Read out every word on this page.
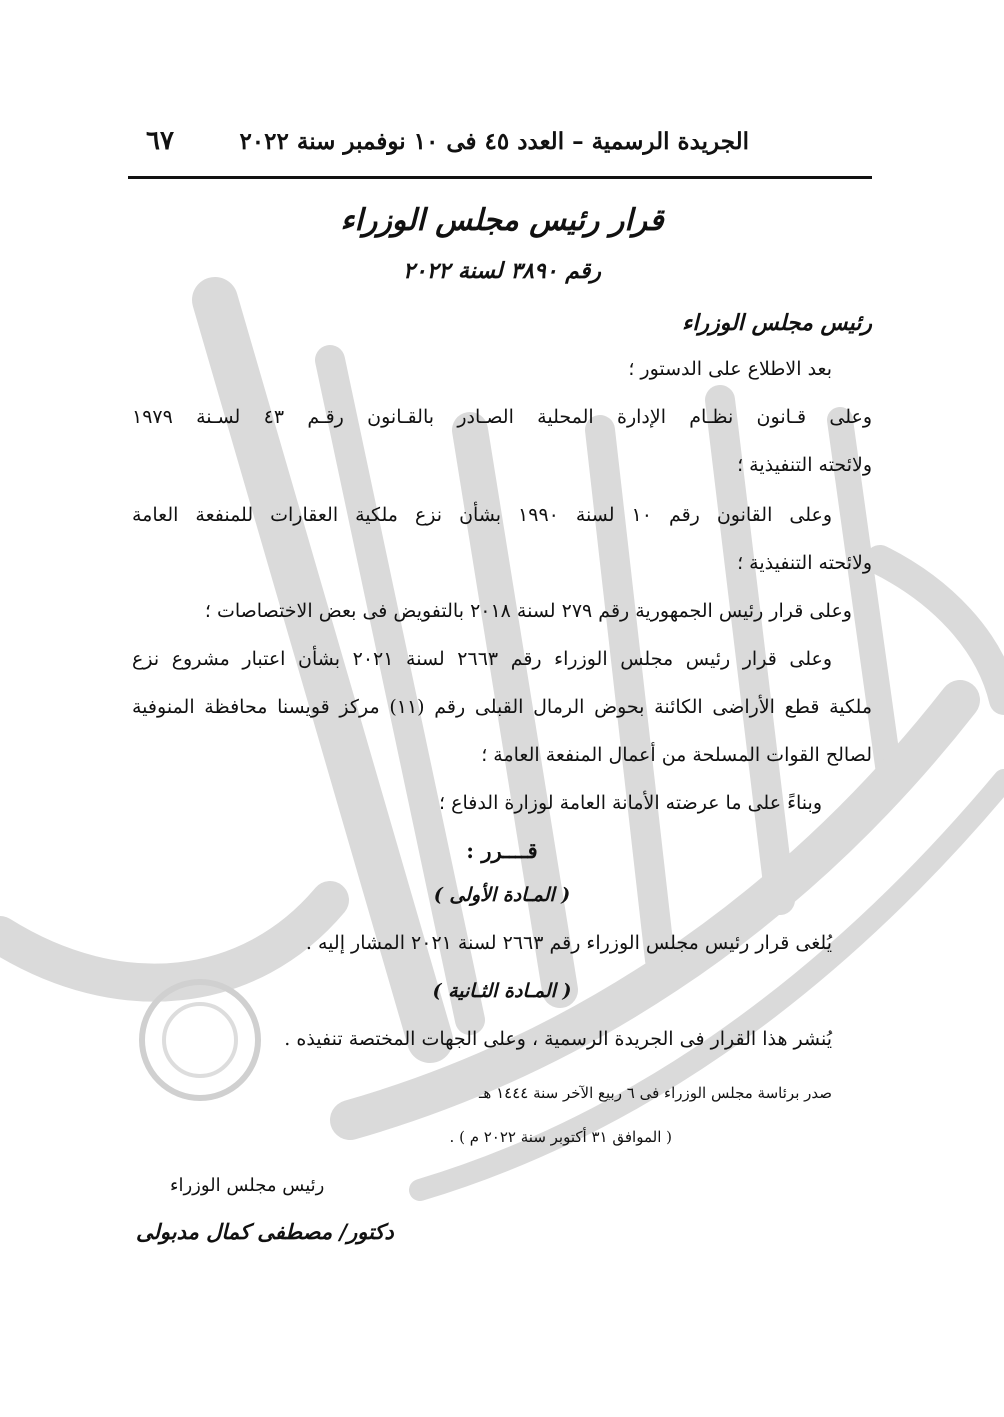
٦٧	الجريدة الرسمية – العدد ٤٥ فى ١٠ نوفمبر سنة ٢٠٢٢
قرار رئيس مجلس الوزراء
رقم ٣٨٩٠ لسنة ٢٠٢٢
رئيس مجلس الوزراء
بعد الاطلاع على الدستور ؛
وعلى قـانون نظـام الإدارة المحلية الصـادر بالقـانون رقـم ٤٣ لسـنة ١٩٧٩
ولائحته التنفيذية ؛
وعلى القانون رقم ١٠ لسنة ١٩٩٠ بشأن نزع ملكية العقارات للمنفعة العامة
ولائحته التنفيذية ؛
وعلى قرار رئيس الجمهورية رقم ٢٧٩ لسنة ٢٠١٨ بالتفويض فى بعض الاختصاصات ؛
وعلى قرار رئيس مجلس الوزراء رقم ٢٦٦٣ لسنة ٢٠٢١ بشأن اعتبار مشروع نزع
ملكية قطع الأراضى الكائنة بحوض الرمال القبلى رقم (١١) مركز قويسنا محافظة المنوفية
لصالح القوات المسلحة من أعمال المنفعة العامة ؛
وبناءً على ما عرضته الأمانة العامة لوزارة الدفاع ؛
قــــرر :
( المـادة الأولى )
يُلغى قرار رئيس مجلس الوزراء رقم ٢٦٦٣ لسنة ٢٠٢١ المشار إليه .
( المـادة الثـانية )
يُنشر هذا القرار فى الجريدة الرسمية ، وعلى الجهات المختصة تنفيذه .
صدر برئاسة مجلس الوزراء فى ٦ ربيع الآخر سنة ١٤٤٤ هـ
( الموافق ٣١ أكتوبر سنة ٢٠٢٢ م ) .
رئيس مجلس الوزراء
دكتور/ مصطفى كمال مدبولى
